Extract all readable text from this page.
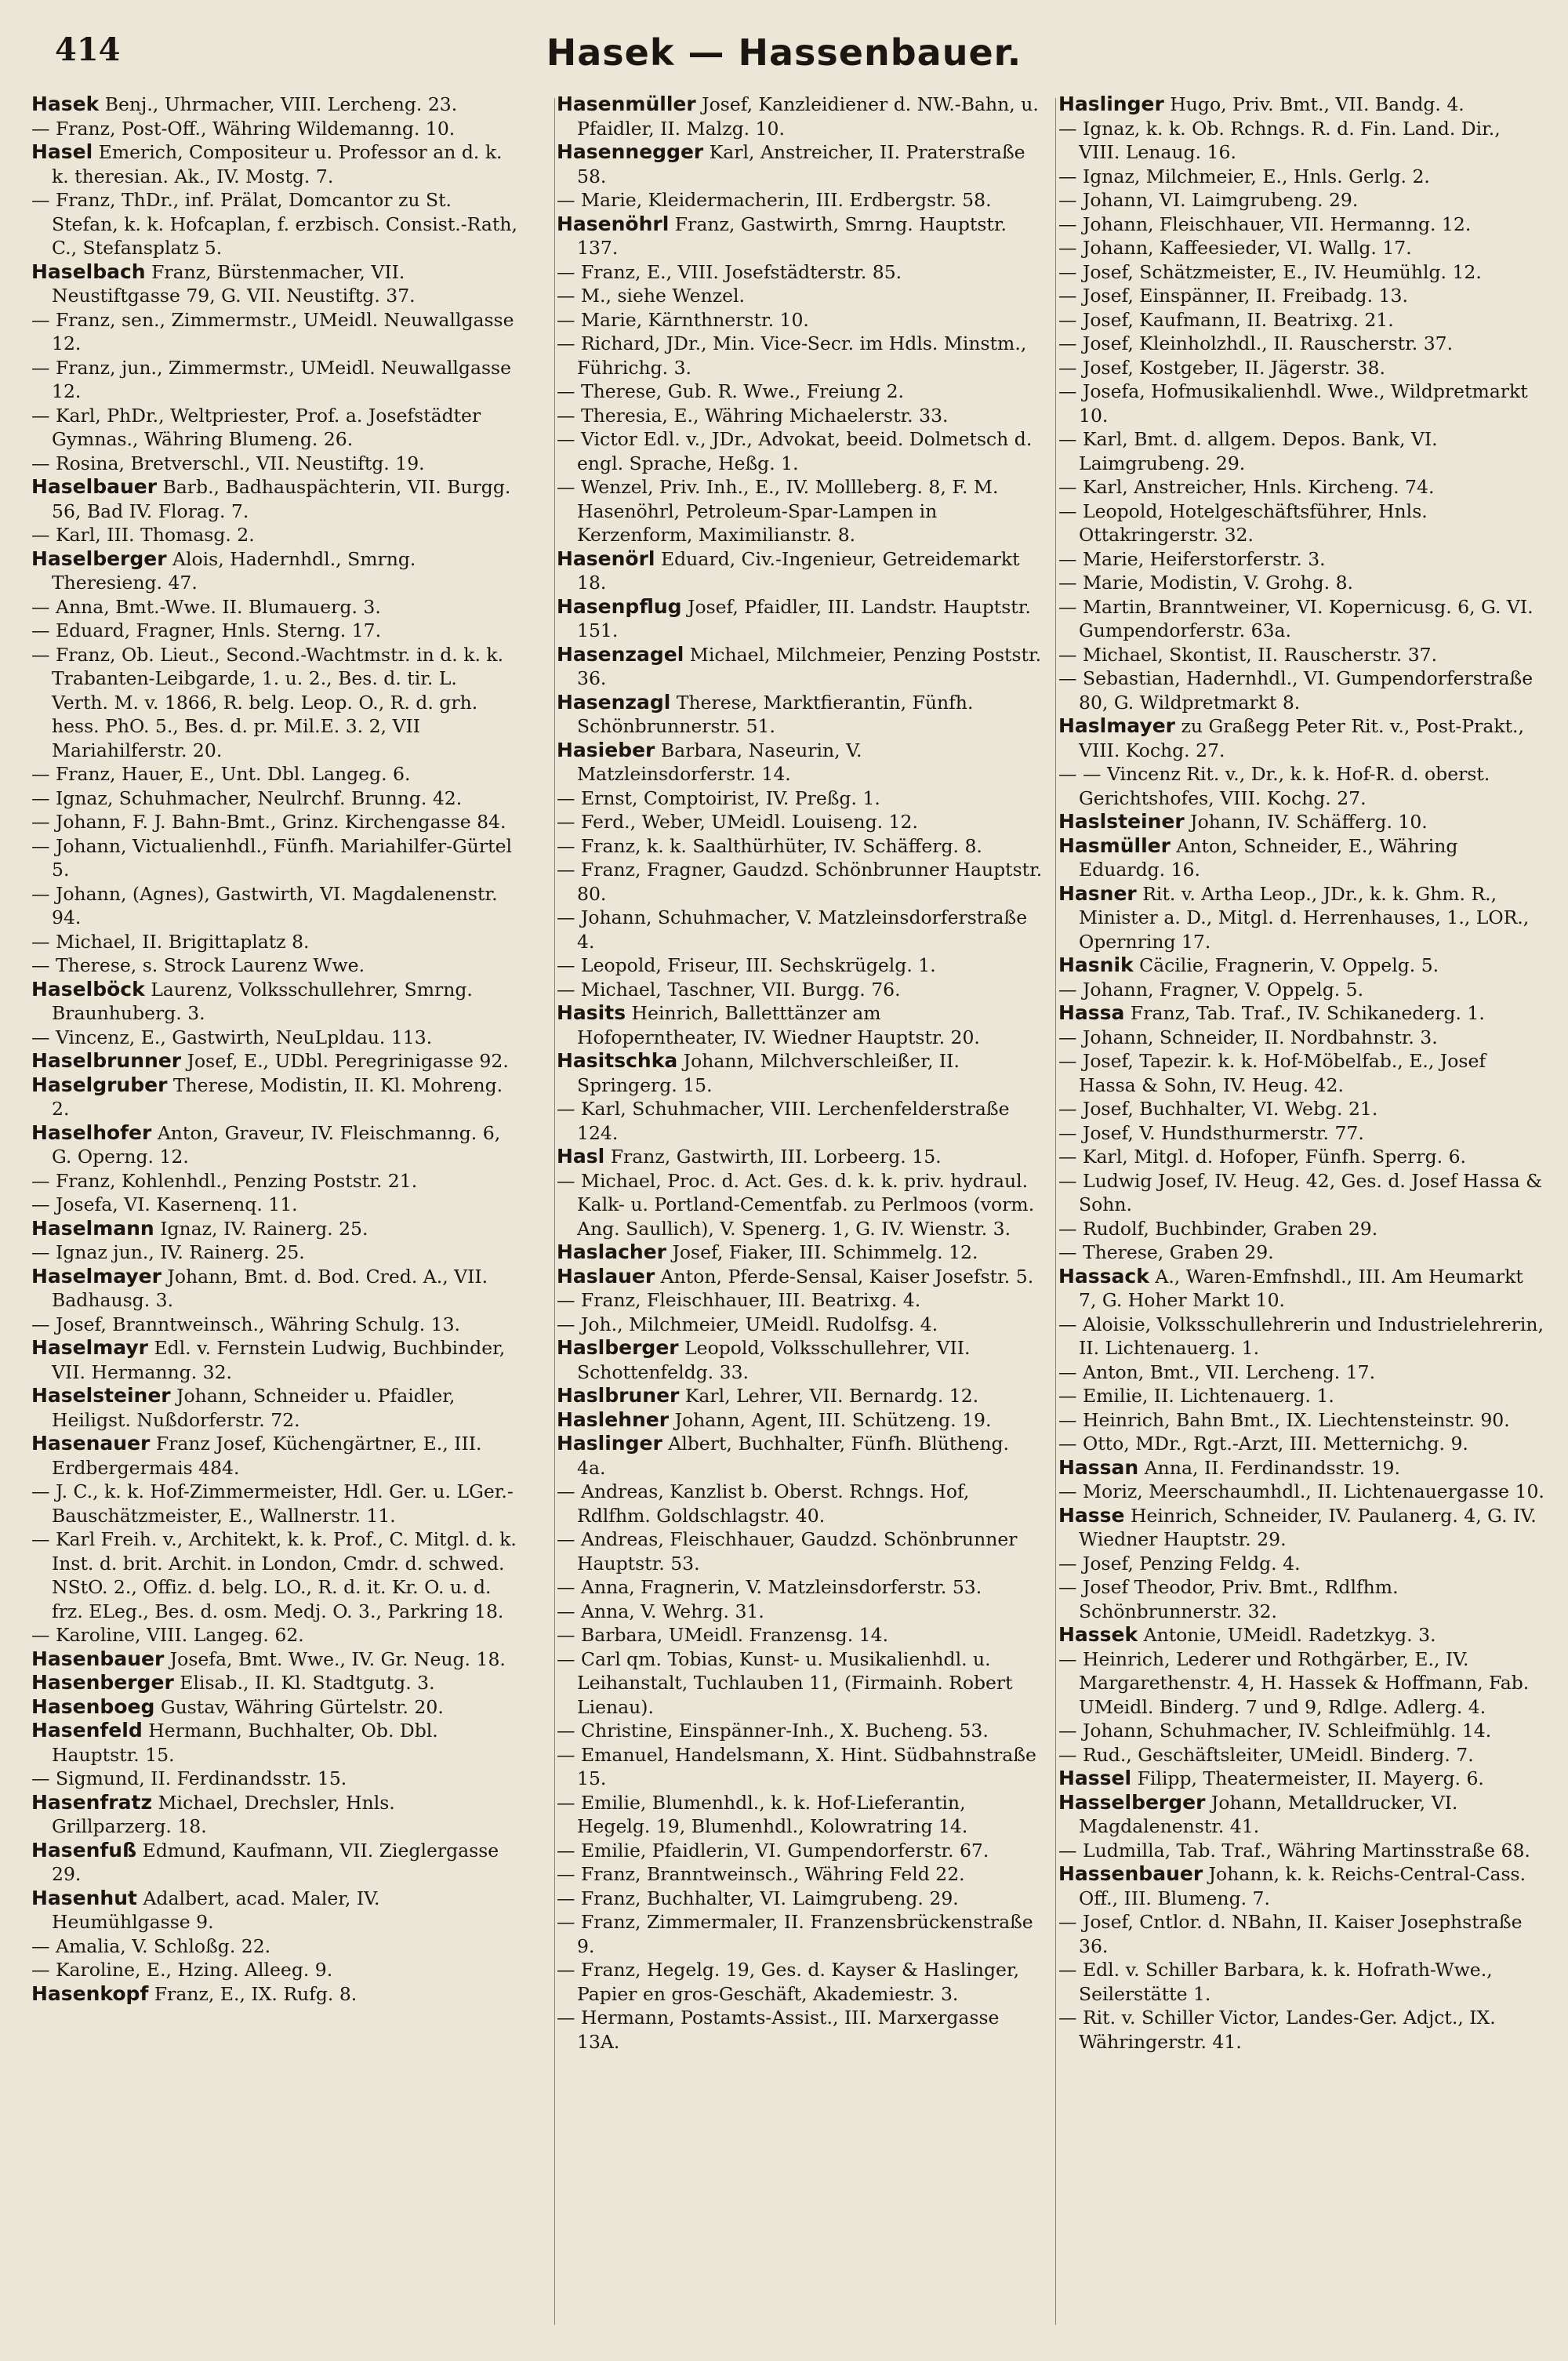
414	Hasek — Hassenbauer.
Hasek Benj., Uhrmacher, VIII. Lercheng. 23.
— Franz, Post-Off., Währing Wildemanng. 10.
Hasel Emerich, Compositeur u. Professor an d. k. k. theresian. Ak., IV. Mostg. 7.
— Franz, ThDr., inf. Prälat, Domcantor zu St. Stefan, k. k. Hofcaplan, f. erzbisch. Consist.-Rath, C., Stefansplatz 5.
Haselbach Franz, Bürstenmacher, VII. Neustiftgasse 79, G. VII. Neustiftg. 37.
— Franz, sen., Zimmermstr., UMeidl. Neuwallgasse 12.
— Franz, jun., Zimmermstr., UMeidl. Neuwallgasse 12.
— Karl, PhDr., Weltpriester, Prof. a. Josefstädter Gymnas., Währing Blumeng. 26.
— Rosina, Bretverschl., VII. Neustiftg. 19.
Haselbauer Barb., Badhauspächterin, VII. Burgg. 56, Bad IV. Florag. 7.
— Karl, III. Thomasg. 2.
Haselberger Alois, Hadernhdl., Smrng. Theresieng. 47.
— Anna, Bmt.-Wwe. II. Blumauerg. 3.
— Eduard, Fragner, Hnls. Sterng. 17.
— Franz, Ob. Lieut., Second.-Wachtmstr. in d. k. k. Trabanten-Leibgarde, 1. u. 2., Bes. d. tir. L. Verth. M. v. 1866, R. belg. Leop. O., R. d. grh. hess. PhO. 5., Bes. d. pr. Mil.E. 3. 2, VII Mariahilferstr. 20.
— Franz, Hauer, E., Unt. Dbl. Langeg. 6.
— Ignaz, Schuhmacher, Neulrchf. Brunng. 42.
— Johann, F. J. Bahn-Bmt., Grinz. Kirchengasse 84.
— Johann, Victualienhdl., Fünfh. Mariahilfer-Gürtel 5.
— Johann, (Agnes), Gastwirth, VI. Magdalenenstr. 94.
— Michael, II. Brigittaplatz 8.
— Therese, s. Strock Laurenz Wwe.
Haselböck Laurenz, Volksschullehrer, Smrng. Braunhuberg. 3.
— Vincenz, E., Gastwirth, NeuLpldau. 113.
Haselbrunner Josef, E., UDbl. Peregrinigasse 92.
Haselgruber Therese, Modistin, II. Kl. Mohreng. 2.
Haselhofer Anton, Graveur, IV. Fleischmanng. 6, G. Operng. 12.
— Franz, Kohlenhdl., Penzing Poststr. 21.
— Josefa, VI. Kasernenq. 11.
Haselmann Ignaz, IV. Rainerg. 25.
— Ignaz jun., IV. Rainerg. 25.
Haselmayer Johann, Bmt. d. Bod. Cred. A., VII. Badhausg. 3.
— Josef, Branntweinsch., Währing Schulg. 13.
Haselmayr Edl. v. Fernstein Ludwig, Buchbinder, VII. Hermanng. 32.
Haselsteiner Johann, Schneider u. Pfaidler, Heiligst. Nußdorferstr. 72.
Hasenauer Franz Josef, Küchengärtner, E., III. Erdbergermais 484.
— J. C., k. k. Hof-Zimmermeister, Hdl. Ger. u. LGer.-Bauschätzmeister, E., Wallnerstr. 11.
— Karl Freih. v., Architekt, k. k. Prof., C. Mitgl. d. k. Inst. d. brit. Archit. in London, Cmdr. d. schwed. NStO. 2., Offiz. d. belg. LO., R. d. it. Kr. O. u. d. frz. ELeg., Bes. d. osm. Medj. O. 3., Parkring 18.
— Karoline, VIII. Langeg. 62.
Hasenbauer Josefa, Bmt. Wwe., IV. Gr. Neug. 18.
Hasenberger Elisab., II. Kl. Stadtgutg. 3.
Hasenboeg Gustav, Währing Gürtelstr. 20.
Hasenfeld Hermann, Buchhalter, Ob. Dbl. Hauptstr. 15.
— Sigmund, II. Ferdinandsstr. 15.
Hasenfratz Michael, Drechsler, Hnls. Grillparzerg. 18.
Hasenfuß Edmund, Kaufmann, VII. Zieglergasse 29.
Hasenhut Adalbert, acad. Maler, IV. Heumühlgasse 9.
— Amalia, V. Schloßg. 22.
— Karoline, E., Hzing. Alleeg. 9.
Hasenkopf Franz, E., IX. Rufg. 8.
Hasenmüller Josef, Kanzleidiener d. NW.-Bahn, u. Pfaidler, II. Malzg. 10.
Hasennegger Karl, Anstreicher, II. Praterstraße 58.
— Marie, Kleidermacherin, III. Erdbergstr. 58.
Hasenöhrl Franz, Gastwirth, Smrng. Hauptstr. 137.
— Franz, E., VIII. Josefstädterstr. 85.
— M., siehe Wenzel.
— Marie, Kärnthnerstr. 10.
— Richard, JDr., Min. Vice-Secr. im Hdls. Minstm., Führichg. 3.
— Therese, Gub. R. Wwe., Freiung 2.
— Theresia, E., Währing Michaelerstr. 33.
— Victor Edl. v., JDr., Advokat, beeid. Dolmetsch d. engl. Sprache, Heßg. 1.
— Wenzel, Priv. Inh., E., IV. Mollleberg. 8, F. M. Hasenöhrl, Petroleum-Spar-Lampen in Kerzenform, Maximilianstr. 8.
Hasenörl Eduard, Civ.-Ingenieur, Getreidemarkt 18.
Hasenpflug Josef, Pfaidler, III. Landstr. Hauptstr. 151.
Hasenzagel Michael, Milchmeier, Penzing Poststr. 36.
Hasenzagl Therese, Marktfierantin, Fünfh. Schönbrunnerstr. 51.
Hasieber Barbara, Naseurin, V. Matzleinsdorferstr. 14.
— Ernst, Comptoirist, IV. Preßg. 1.
— Ferd., Weber, UMeidl. Louiseng. 12.
— Franz, k. k. Saalthürhüter, IV. Schäfferg. 8.
— Franz, Fragner, Gaudzd. Schönbrunner Hauptstr. 80.
— Johann, Schuhmacher, V. Matzleinsdorferstraße 4.
— Leopold, Friseur, III. Sechskrügelg. 1.
— Michael, Taschner, VII. Burgg. 76.
Hasits Heinrich, Balletttänzer am Hofoperntheater, IV. Wiedner Hauptstr. 20.
Hasitschka Johann, Milchverschleißer, II. Springerg. 15.
— Karl, Schuhmacher, VIII. Lerchenfelderstraße 124.
Hasl Franz, Gastwirth, III. Lorbeerg. 15.
— Michael, Proc. d. Act. Ges. d. k. k. priv. hydraul. Kalk- u. Portland-Cementfab. zu Perlmoos (vorm. Ang. Saullich), V. Spenerg. 1, G. IV. Wienstr. 3.
Haslacher Josef, Fiaker, III. Schimmelg. 12.
Haslauer Anton, Pferde-Sensal, Kaiser Josefstr. 5.
— Franz, Fleischhauer, III. Beatrixg. 4.
— Joh., Milchmeier, UMeidl. Rudolfsg. 4.
Haslberger Leopold, Volksschullehrer, VII. Schottenfeldg. 33.
Haslbruner Karl, Lehrer, VII. Bernardg. 12.
Haslehner Johann, Agent, III. Schützeng. 19.
Haslinger Albert, Buchhalter, Fünfh. Blütheng. 4a.
— Andreas, Kanzlist b. Oberst. Rchngs. Hof, Rdlfhm. Goldschlagstr. 40.
— Andreas, Fleischhauer, Gaudzd. Schönbrunner Hauptstr. 53.
— Anna, Fragnerin, V. Matzleinsdorferstr. 53.
— Anna, V. Wehrg. 31.
— Barbara, UMeidl. Franzensg. 14.
— Carl qm. Tobias, Kunst- u. Musikalienhdl. u. Leihanstalt, Tuchlauben 11, (Firmainh. Robert Lienau).
— Christine, Einspänner-Inh., X. Bucheng. 53.
— Emanuel, Handelsmann, X. Hint. Südbahnstraße 15.
— Emilie, Blumenhdl., k. k. Hof-Lieferantin, Hegelg. 19, Blumenhdl., Kolowratring 14.
— Emilie, Pfaidlerin, VI. Gumpendorferstr. 67.
— Franz, Branntweinsch., Währing Feld 22.
— Franz, Buchhalter, VI. Laimgrubeng. 29.
— Franz, Zimmermaler, II. Franzensbrückenstraße 9.
— Franz, Hegelg. 19, Ges. d. Kayser & Haslinger, Papier en gros-Geschäft, Akademiestr. 3.
— Hermann, Postamts-Assist., III. Marxergasse 13A.
Haslinger Hugo, Priv. Bmt., VII. Bandg. 4.
— Ignaz, k. k. Ob. Rchngs. R. d. Fin. Land. Dir., VIII. Lenaug. 16.
— Ignaz, Milchmeier, E., Hnls. Gerlg. 2.
— Johann, VI. Laimgrubeng. 29.
— Johann, Fleischhauer, VII. Hermanng. 12.
— Johann, Kaffeesieder, VI. Wallg. 17.
— Josef, Schätzmeister, E., IV. Heumühlg. 12.
— Josef, Einspänner, II. Freibadg. 13.
— Josef, Kaufmann, II. Beatrixg. 21.
— Josef, Kleinholzhdl., II. Rauscherstr. 37.
— Josef, Kostgeber, II. Jägerstr. 38.
— Josefa, Hofmusikalienhdl. Wwe., Wildpretmarkt 10.
— Karl, Bmt. d. allgem. Depos. Bank, VI. Laimgrubeng. 29.
— Karl, Anstreicher, Hnls. Kircheng. 74.
— Leopold, Hotelgeschäftsführer, Hnls. Ottakringerstr. 32.
— Marie, Heiferstorferstr. 3.
— Marie, Modistin, V. Grohg. 8.
— Martin, Branntweiner, VI. Kopernicusg. 6, G. VI. Gumpendorferstr. 63a.
— Michael, Skontist, II. Rauscherstr. 37.
— Sebastian, Hadernhdl., VI. Gumpendorferstraße 80, G. Wildpretmarkt 8.
Haslmayer zu Graßegg Peter Rit. v., Post-Prakt., VIII. Kochg. 27.
— — Vincenz Rit. v., Dr., k. k. Hof-R. d. oberst. Gerichtshofes, VIII. Kochg. 27.
Haslsteiner Johann, IV. Schäfferg. 10.
Hasmüller Anton, Schneider, E., Währing Eduardg. 16.
Hasner Rit. v. Artha Leop., JDr., k. k. Ghm. R., Minister a. D., Mitgl. d. Herrenhauses, 1., LOR., Opernring 17.
Hasnik Cäcilie, Fragnerin, V. Oppelg. 5.
— Johann, Fragner, V. Oppelg. 5.
Hassa Franz, Tab. Traf., IV. Schikanederg. 1.
— Johann, Schneider, II. Nordbahnstr. 3.
— Josef, Tapezir. k. k. Hof-Möbelfab., E., Josef Hassa & Sohn, IV. Heug. 42.
— Josef, Buchhalter, VI. Webg. 21.
— Josef, V. Hundsthurmerstr. 77.
— Karl, Mitgl. d. Hofoper, Fünfh. Sperrg. 6.
— Ludwig Josef, IV. Heug. 42, Ges. d. Josef Hassa & Sohn.
— Rudolf, Buchbinder, Graben 29.
— Therese, Graben 29.
Hassack A., Waren-Emfnshdl., III. Am Heumarkt 7, G. Hoher Markt 10.
— Aloisie, Volksschullehrerin und Industrielehrerin, II. Lichtenauerg. 1.
— Anton, Bmt., VII. Lercheng. 17.
— Emilie, II. Lichtenauerg. 1.
— Heinrich, Bahn Bmt., IX. Liechtensteinstr. 90.
— Otto, MDr., Rgt.-Arzt, III. Metternichg. 9.
Hassan Anna, II. Ferdinandsstr. 19.
— Moriz, Meerschaumhdl., II. Lichtenauergasse 10.
Hasse Heinrich, Schneider, IV. Paulanerg. 4, G. IV. Wiedner Hauptstr. 29.
— Josef, Penzing Feldg. 4.
— Josef Theodor, Priv. Bmt., Rdlfhm. Schönbrunnerstr. 32.
Hassek Antonie, UMeidl. Radetzkyg. 3.
— Heinrich, Lederer und Rothgärber, E., IV. Margarethenstr. 4, H. Hassek & Hoffmann, Fab. UMeidl. Binderg. 7 und 9, Rdlge. Adlerg. 4.
— Johann, Schuhmacher, IV. Schleifmühlg. 14.
— Rud., Geschäftsleiter, UMeidl. Binderg. 7.
Hassel Filipp, Theatermeister, II. Mayerg. 6.
Hasselberger Johann, Metalldrucker, VI. Magdalenenstr. 41.
— Ludmilla, Tab. Traf., Währing Martinsstraße 68.
Hassenbauer Johann, k. k. Reichs-Central-Cass. Off., III. Blumeng. 7.
— Josef, Cntlor. d. NBahn, II. Kaiser Josephstraße 36.
— Edl. v. Schiller Barbara, k. k. Hofrath-Wwe., Seilerstätte 1.
— Rit. v. Schiller Victor, Landes-Ger. Adjct., IX. Währingerstr. 41.
